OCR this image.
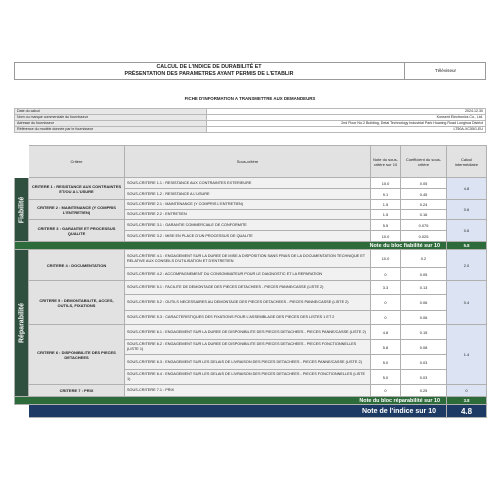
CALCUL DE L'INDICE DE DURABILITÉ ET
PRÉSENTATION DES PARAMETRES AYANT PERMIS DE L'ETABLIR	Téléviseur
FICHE D'INFORMATION A TRANSMETTRE AUX DEMANDEURS
Date du calcul	2024.12.30
Nom ou marque commerciale du fournisseur	Konsent Electronics Co., Ltd.
Adresse du fournisseur	2nd Floor No.2 Building, Detai Technology Industrial Park Huaxing Road Longhua District
Référence du modèle donnée par le fournisseur	LT50A-XC55G-EU
	Critère	Sous-critère	Note du sous-critère sur 10	Coefficient du sous-critère	Calcul intermédiaire

Fiabilité	CRITERE 1 : RESISTANCE AUX CONTRAINTES ET/OU A L'USURE	SOUS-CRITERE 1.1 : RESISTANCE AUX CONTRAINTES EXTERIEURE	10.0	0.05	4.8
		SOUS-CRITERE 1.2 : RESISTANCE A L'USURE	9.1	0.45	
	CRITERE 2 : MAINTENANCE (Y COMPRIS L'ENTRETIEN)	SOUS-CRITERE 2.1 : MAINTENANCE (Y COMPRIS L'ENTRETIEN)	1.5	0.24	0.6
		SOUS-CRITERE 2.2 : ENTRETIEN	1.5	0.16	
	CRITERE 3 : GARANTIE ET PROCESSUS QUALITE	SOUS-CRITERE 3.1 : GARANTIE COMMERCIALE DE CONFORMITE	5.5	0.075	0.6
		SOUS-CRITERE 3.2 : MISE EN PLACE D'UN PROCESSUS DE QUALITE	10.0	0.025	
Note du bloc fiabilité sur 10					5.8

Réparabilité	CRITERE 4 : DOCUMENTATION	SOUS-CRITERE 4.1 : ENGAGEMENT SUR LA DUREE DE MISE A DISPOSITION SANS FRAIS DE LA DOCUMENTATION TECHNIQUE ET RELATIVE AUX CONSEILS D'UTILISATION ET D'ENTRETIEN	10.0	0.2	2.0
		SOUS-CRITERE 4.2 : ACCOMPAGNEMENT DU CONSOMMATEUR POUR LE DIAGNOSTIC ET LA REPARATION	0	0.05	
	CRITERE 5 : DEMONTABILITE, ACCES, OUTILS, FIXATIONS	SOUS-CRITERE 5.1 : FACILITE DE DEMONTAGE DES PIECES DETACHEES - PIECES PANNE/CASSE (LISTE 2)	3.3	0.13	0.4
		SOUS-CRITERE 5.2 : OUTILS NECESSAIRES AU DEMONTAGE DES PIECES DETACHEES - PIECES PANNE/CASSE (LISTE 2)	0	0.06	
		SOUS-CRITERE 5.3 : CARACTERISTIQUES DES FIXATIONS POUR L'ASSEMBLAGE DES PIECES DES LISTES 1 ET 2	0	0.06	
	CRITERE 6 : DISPONIBILITE DES PIECES DETACHEES	SOUS-CRITERE 6.1 : ENGAGEMENT SUR LA DUREE DE DISPONIBILITE DES PIECES DETACHEES - PIECES PANNE/CASSE (LISTE 2)	4.8	0.15	1.4
		SOUS-CRITERE 6.2 : ENGAGEMENT SUR LA DUREE DE DISPONIBILITE DES PIECES DETACHEES - PIECES FONCTIONNELLES (LISTE 1)	5.8	0.08	
		SOUS-CRITERE 6.3 : ENGAGEMENT SUR LES DELAIS DE LIVRAISON DES PIECES DETACHEES - PIECES PANNE/CASSE (LISTE 2)	5.0	0.03	
		SOUS-CRITERE 6.4 : ENGAGEMENT SUR LES DELAIS DE LIVRAISON DES PIECES DETACHEES - PIECES FONCTIONNELLES (LISTE 1)	5.0	0.03	
	CRITERE 7 : PRIX	SOUS-CRITERE 7.1 : PRIX	0	0.25	0
Note du bloc réparabilité sur 10					3.8
	Note de l'indice sur 10				4.8
